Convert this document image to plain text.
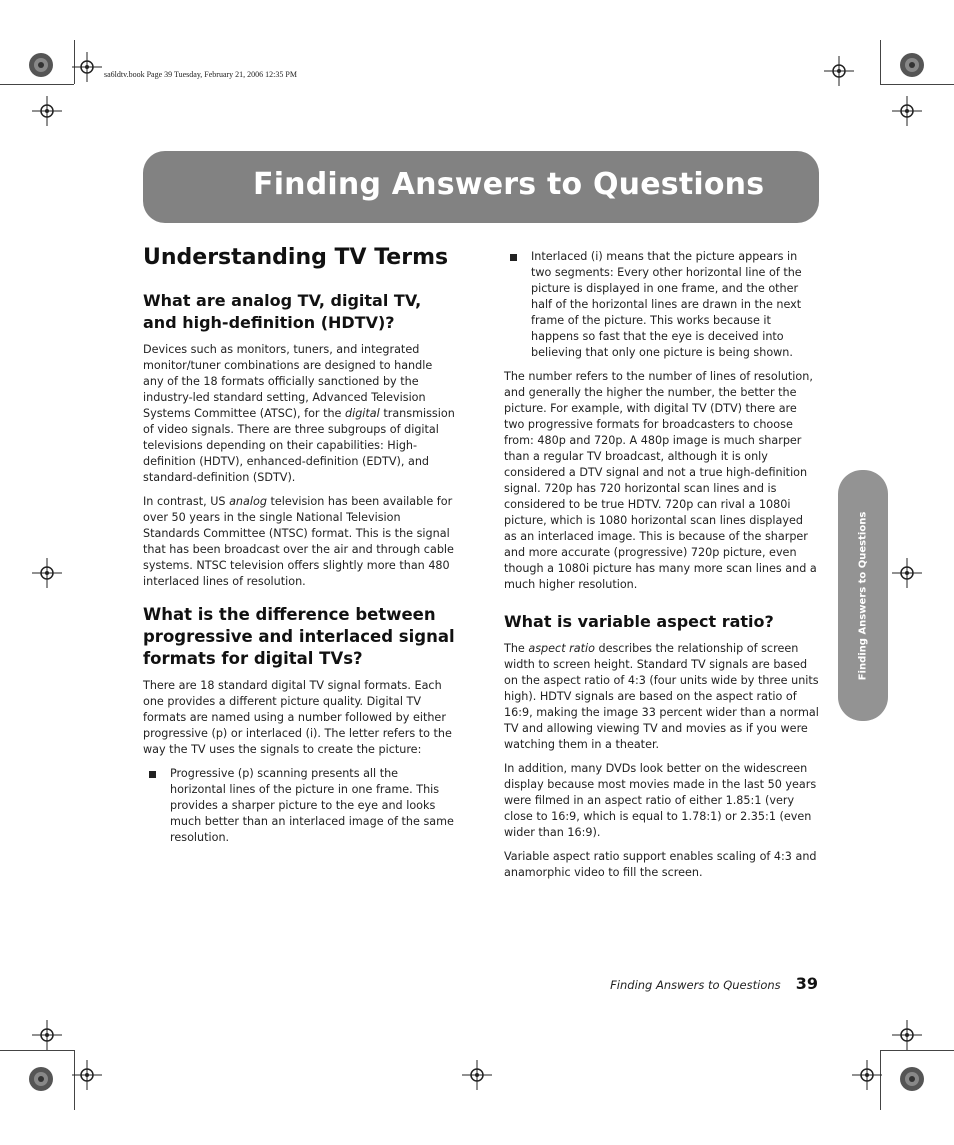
sa6ldtv.book Page 39 Tuesday, February 21, 2006 12:35 PM
Finding Answers to Questions
Finding Answers to Questions
Understanding TV Terms
What are analog TV, digital TV, and high-definition (HDTV)?

Devices such as monitors, tuners, and integrated monitor/tuner combinations are designed to handle any of the 18 formats officially sanctioned by the industry-led standard setting, Advanced Television Systems Committee (ATSC), for the digital transmission of video signals. There are three subgroups of digital televisions depending on their capabilities: High-definition (HDTV), enhanced-definition (EDTV), and standard-definition (SDTV).

In contrast, US analog television has been available for over 50 years in the single National Television Standards Committee (NTSC) format. This is the signal that has been broadcast over the air and through cable systems. NTSC television offers slightly more than 480 interlaced lines of resolution.

What is the difference between progressive and interlaced signal formats for digital TVs?

There are 18 standard digital TV signal formats. Each one provides a different picture quality. Digital TV formats are named using a number followed by either progressive (p) or interlaced (i). The letter refers to the way the TV uses the signals to create the picture:

Progressive (p) scanning presents all the horizontal lines of the picture in one frame. This provides a sharper picture to the eye and looks much better than an interlaced image of the same resolution.
Interlaced (i) means that the picture appears in two segments: Every other horizontal line of the picture is displayed in one frame, and the other half of the horizontal lines are drawn in the next frame of the picture. This works because it happens so fast that the eye is deceived into believing that only one picture is being shown.

The number refers to the number of lines of resolution, and generally the higher the number, the better the picture. For example, with digital TV (DTV) there are two progressive formats for broadcasters to choose from: 480p and 720p. A 480p image is much sharper than a regular TV broadcast, although it is only considered a DTV signal and not a true high-definition signal. 720p has 720 horizontal scan lines and is considered to be true HDTV. 720p can rival a 1080i picture, which is 1080 horizontal scan lines displayed as an interlaced image. This is because of the sharper and more accurate (progressive) 720p picture, even though a 1080i picture has many more scan lines and a much higher resolution.

What is variable aspect ratio?

The aspect ratio describes the relationship of screen width to screen height. Standard TV signals are based on the aspect ratio of 4:3 (four units wide by three units high). HDTV signals are based on the aspect ratio of 16:9, making the image 33 percent wider than a normal TV and allowing viewing TV and movies as if you were watching them in a theater.

In addition, many DVDs look better on the widescreen display because most movies made in the last 50 years were filmed in an aspect ratio of either 1.85:1 (very close to 16:9, which is equal to 1.78:1) or 2.35:1 (even wider than 16:9).

Variable aspect ratio support enables scaling of 4:3 and anamorphic video to fill the screen.

Finding Answers to Questions 39
